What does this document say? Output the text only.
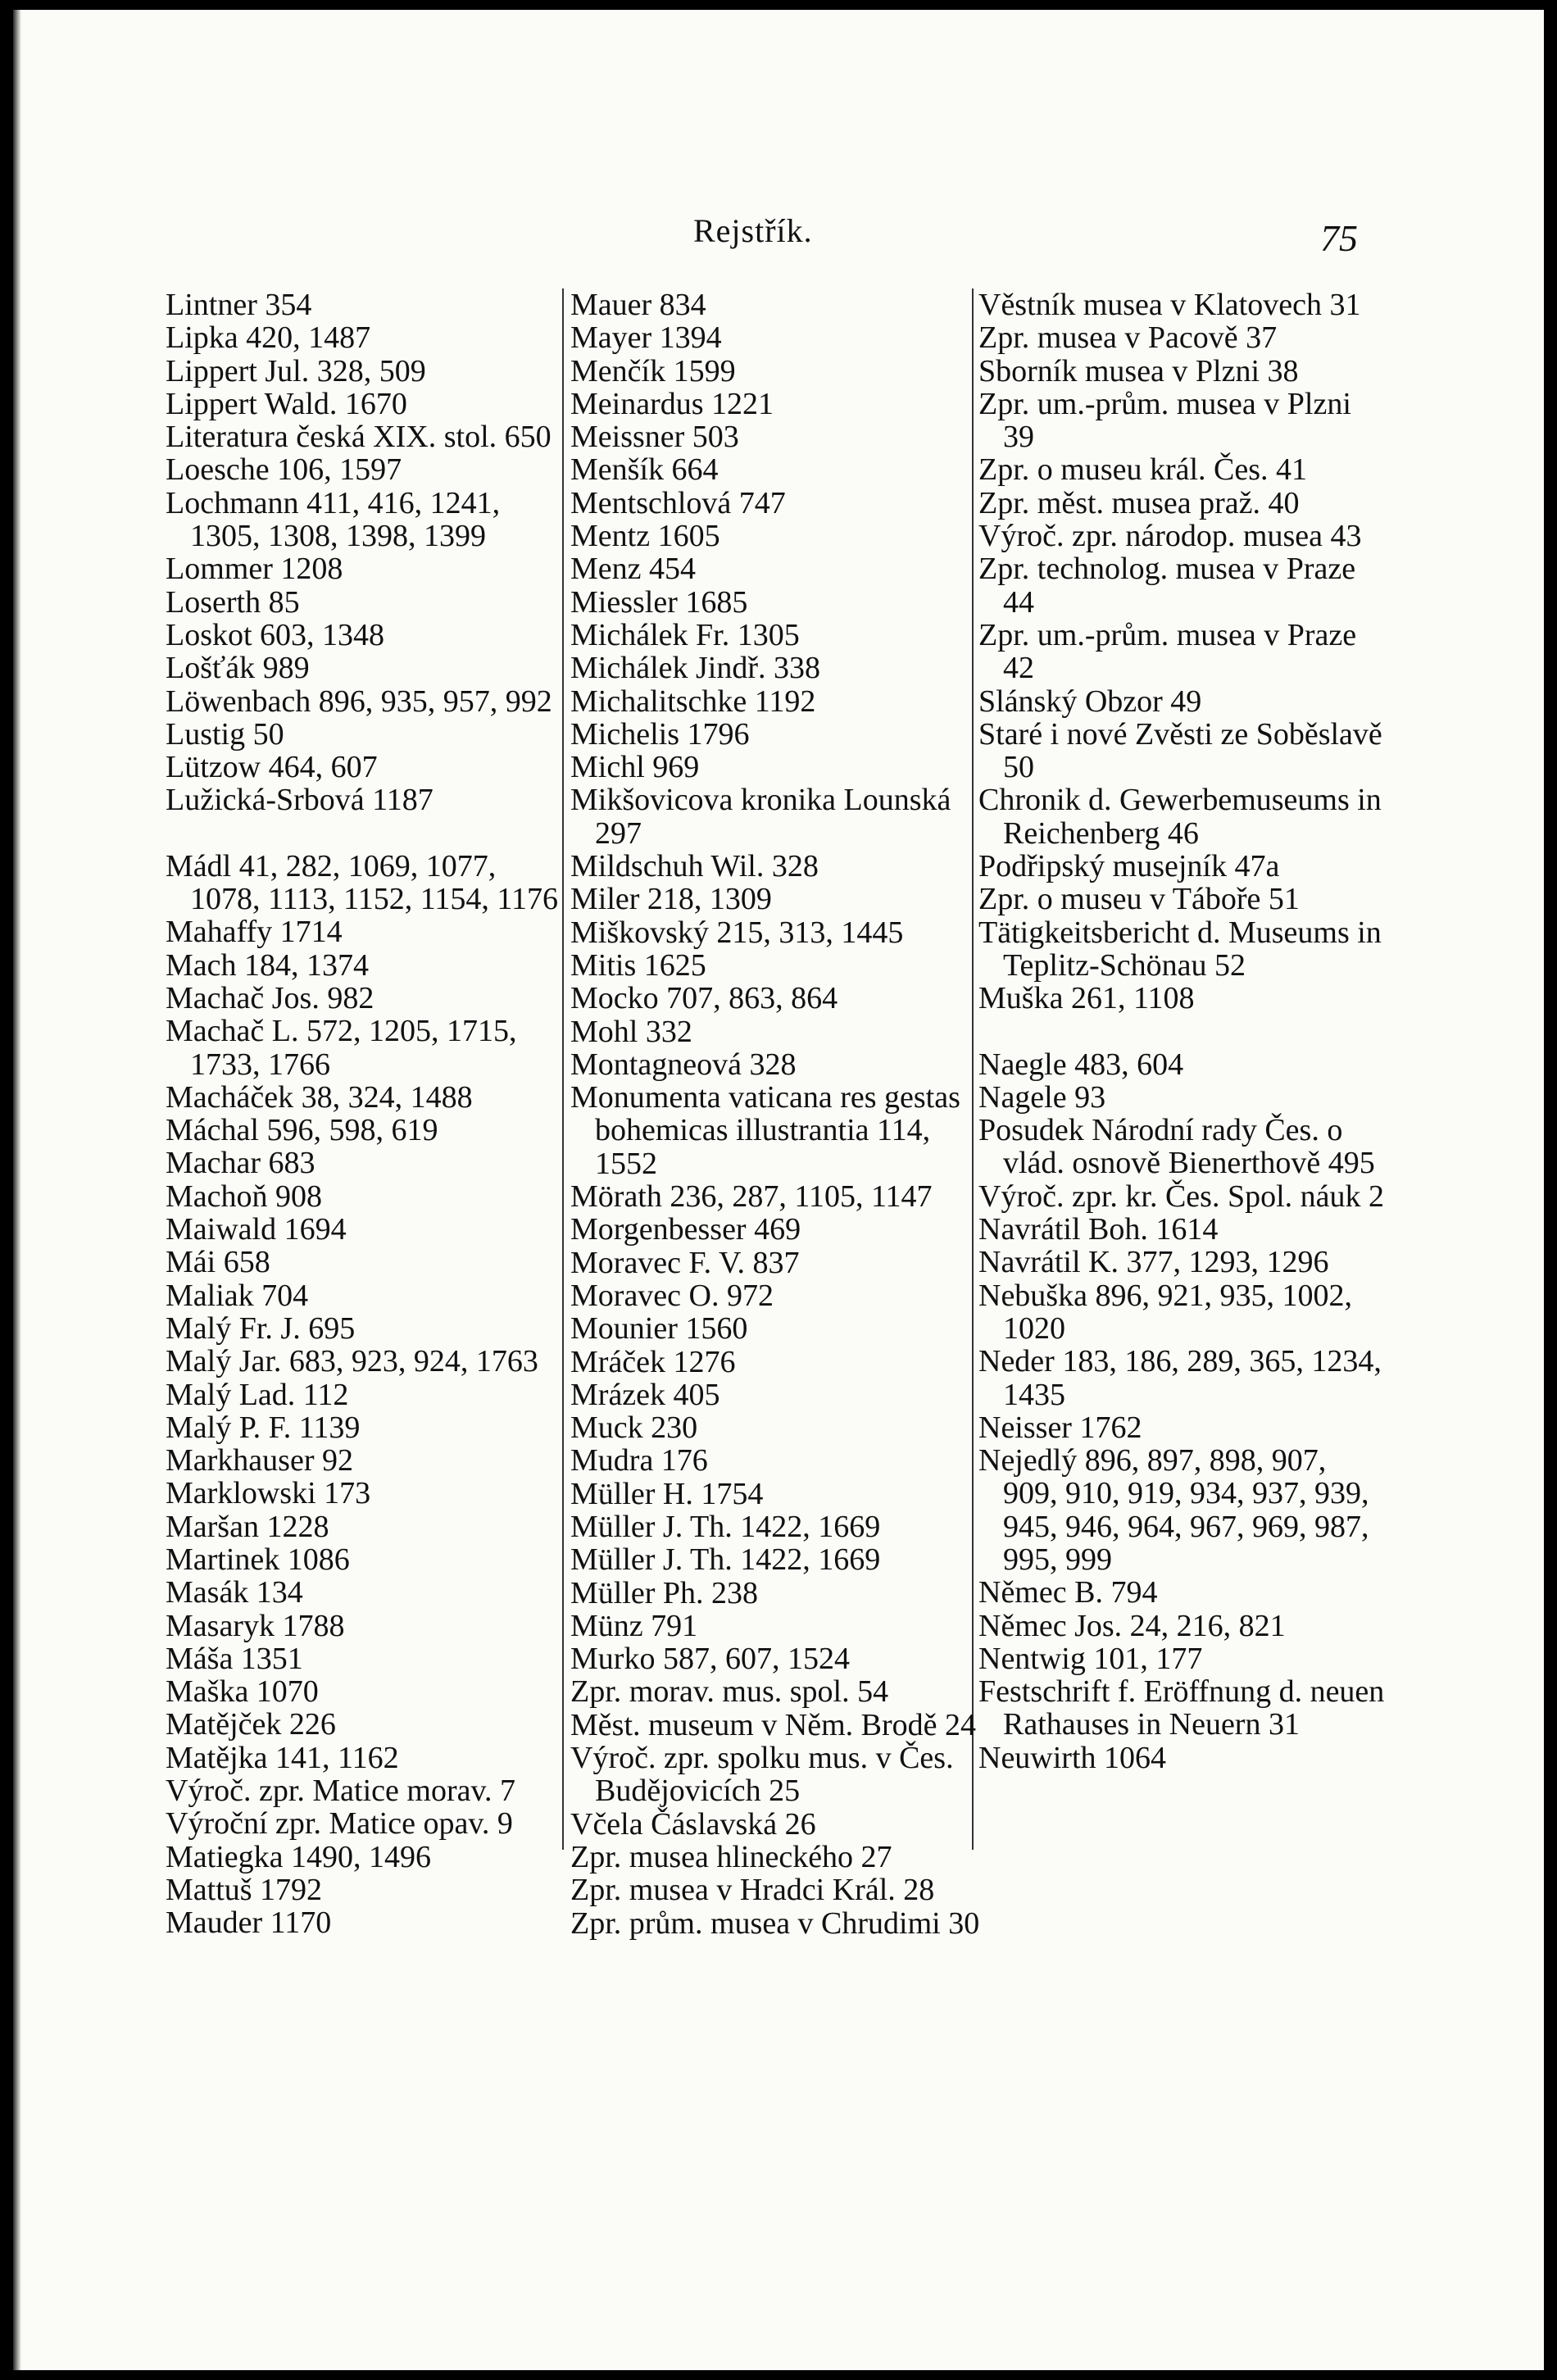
Rejstřík.	75
Lintner 354
Lipka 420, 1487
Lippert Jul. 328, 509
Lippert Wald. 1670
Literatura česká XIX. stol. 650
Loesche 106, 1597
Lochmann 411, 416, 1241, 1305, 1308, 1398, 1399
Lommer 1208
Loserth 85
Loskot 603, 1348
Lošťák 989
Löwenbach 896, 935, 957, 992
Lustig 50
Lützow 464, 607
Lužická-Srbová 1187
Mádl 41, 282, 1069, 1077, 1078, 1113, 1152, 1154, 1176
Mahaffy 1714
Mach 184, 1374
Machač Jos. 982
Machač L. 572, 1205, 1715, 1733, 1766
Macháček 38, 324, 1488
Máchal 596, 598, 619
Machar 683
Machoň 908
Maiwald 1694
Mái 658
Maliak 704
Malý Fr. J. 695
Malý Jar. 683, 923, 924, 1763
Malý Lad. 112
Malý P. F. 1139
Markhauser 92
Marklowski 173
Maršan 1228
Martinek 1086
Masák 134
Masaryk 1788
Máša 1351
Maška 1070
Matějček 226
Matějka 141, 1162
Výroč. zpr. Matice morav. 7
Výroční zpr. Matice opav. 9
Matiegka 1490, 1496
Mattuš 1792
Mauder 1170
Mauer 834
Mayer 1394
Menčík 1599
Meinardus 1221
Meissner 503
Menšík 664
Mentschlová 747
Mentz 1605
Menz 454
Miessler 1685
Michálek Fr. 1305
Michálek Jindř. 338
Michalitschke 1192
Michelis 1796
Michl 969
Mikšovicova kronika Lounská 297
Mildschuh Wil. 328
Miler 218, 1309
Miškovský 215, 313, 1445
Mitis 1625
Mocko 707, 863, 864
Mohl 332
Montagneová 328
Monumenta vaticana res gestas bohemicas illustrantia 114, 1552
Mörath 236, 287, 1105, 1147
Morgenbesser 469
Moravec F. V. 837
Moravec O. 972
Mounier 1560
Mráček 1276
Mrázek 405
Muck 230
Mudra 176
Müller H. 1754
Müller J. Th. 1422, 1669
Müller J. Th. 1422, 1669
Müller Ph. 238
Münz 791
Murko 587, 607, 1524
Zpr. morav. mus. spol. 54
Měst. museum v Něm. Brodě 24
Výroč. zpr. spolku mus. v Čes. Budějovicích 25
Včela Čáslavská 26
Zpr. musea hlineckého 27
Zpr. musea v Hradci Král. 28
Zpr. prům. musea v Chrudimi 30
Věstník musea v Klatovech 31
Zpr. musea v Pacově 37
Sborník musea v Plzni 38
Zpr. um.-prům. musea v Plzni 39
Zpr. o museu král. Čes. 41
Zpr. měst. musea praž. 40
Výroč. zpr. národop. musea 43
Zpr. technolog. musea v Praze 44
Zpr. um.-prům. musea v Praze 42
Slánský Obzor 49
Staré i nové Zvěsti ze Soběslavě 50
Chronik d. Gewerbemuseums in Reichenberg 46
Podřipský musejník 47a
Zpr. o museu v Táboře 51
Tätigkeitsbericht d. Museums in Teplitz-Schönau 52
Muška 261, 1108
Naegle 483, 604
Nagele 93
Posudek Národní rady Čes. o vlád. osnově Bienerthově 495
Výroč. zpr. kr. Čes. Spol. náuk 2
Navrátil Boh. 1614
Navrátil K. 377, 1293, 1296
Nebuška 896, 921, 935, 1002, 1020
Neder 183, 186, 289, 365, 1234, 1435
Neisser 1762
Nejedlý 896, 897, 898, 907, 909, 910, 919, 934, 937, 939, 945, 946, 964, 967, 969, 987, 995, 999
Němec B. 794
Němec Jos. 24, 216, 821
Nentwig 101, 177
Festschrift f. Eröffnung d. neuen Rathauses in Neuern 31
Neuwirth 1064
